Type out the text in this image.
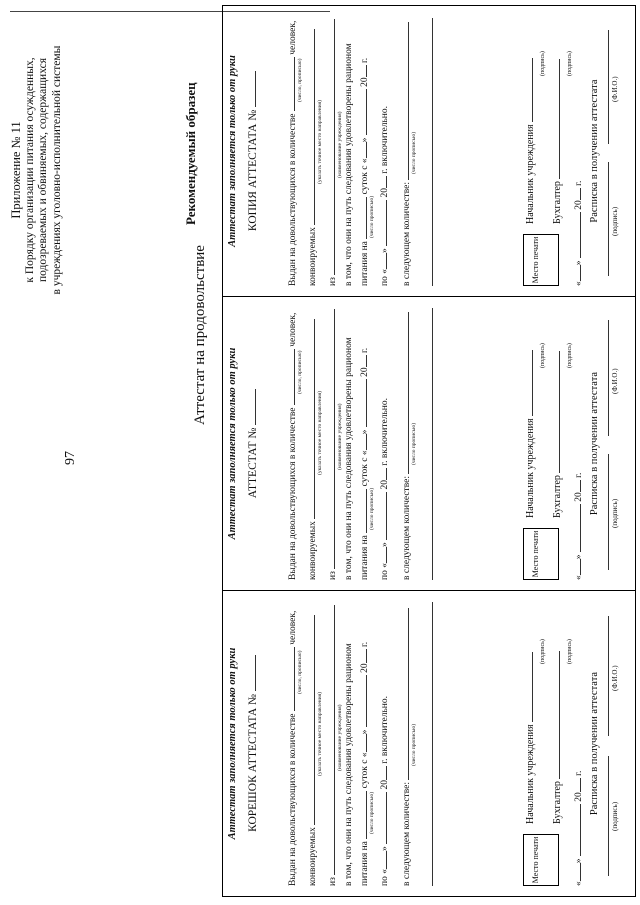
97
Приложение № 11 к Порядку организации питания осужденных, подозреваемых и обвиняемых, содержащихся в учреждениях уголовно-исполнительной системы	Рекомендуемый образец
Аттестат на продовольствие
Аттестат заполняется только от руки КОРЕШОК АТТЕСТАТА №	Выдан на довольствующихся в количестве  человек,
(число, прописью)
конвоируемых
(указать точное место направления)
из
(наименование учреждения) в том, что они на путь следования удовлетворены рационом питания на  суток с «»  20 г.
(число прописью)
по «»  20 г. включительно.
в следующем количестве:
(число прописью)
Место печати
Начальник учреждения
(подпись)
Бухгалтер
(подпись)
«»  20 г. Расписка в получении аттестата
(подпись)
(Ф.И.О.)
Аттестат заполняется только от руки АТТЕСТАТ №	Выдан на довольствующихся в количестве  человек,
(число, прописью)
конвоируемых
(указать точное место направления)
из
(наименование учреждения) в том, что они на путь следования удовлетворены рационом питания на  суток с «»  20 г.
(число прописью)
по «»  20 г. включительно.
в следующем количестве:
(число прописью)
Место печати
Начальник учреждения
(подпись)
Бухгалтер
(подпись)
«»  20 г. Расписка в получении аттестата (подпись)
(Ф.И.О.)
Аттестат заполняется только от руки КОПИЯ АТТЕСТАТА №	Выдан на довольствующихся в количестве  человек,
(число, прописью)
конвоируемых
(указать точное место направления)
из
(наименование учреждения) в том, что они на путь следования удовлетворены рационом питания на  суток с «»  20 г.
(число прописью)
по «»  20 г. включительно.
в следующем количестве:
(число прописью)
Место печати
Начальник учреждения
(подпись)
Бухгалтер
(подпись)
«»  20 г. Расписка в получении аттестата (подпись)
(Ф.И.О.)
